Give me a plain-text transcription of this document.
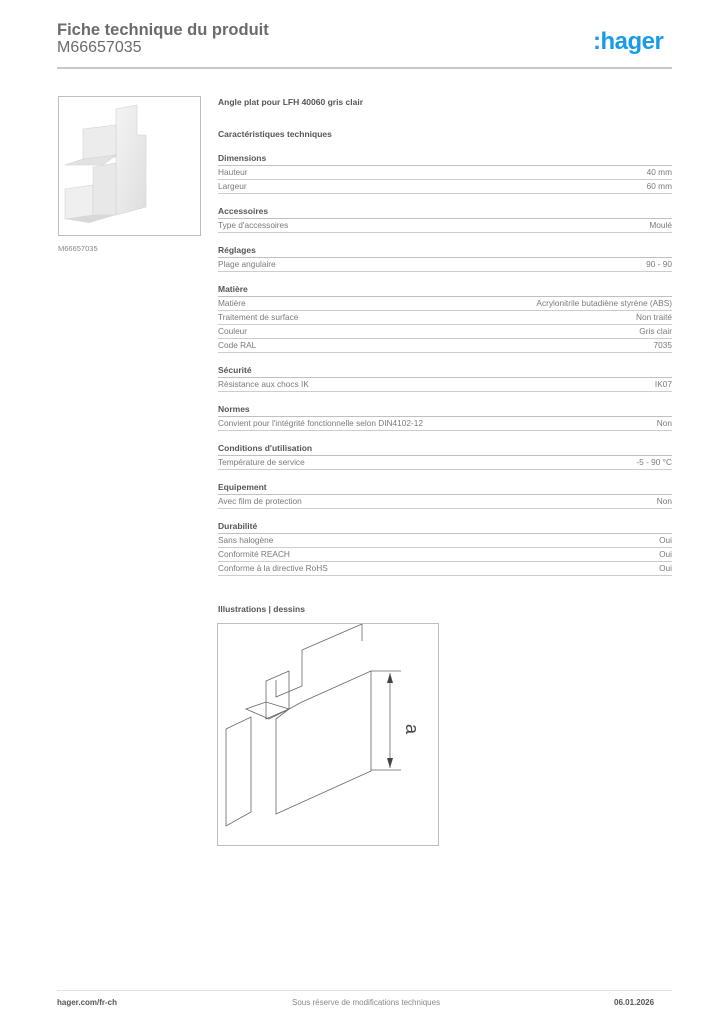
Fiche technique du produit
M66657035	:hager
M66657035
Angle plat pour LFH 40060 gris clair
Caractéristiques techniques
Dimensions
Hauteur	40 mm
Largeur	60 mm
Accessoires
Type d'accessoires	Moulé
Réglages
Plage angulaire	90 - 90
Matière
Matière	Acrylonitrile butadiène styrène (ABS)
Traitement de surface	Non traité
Couleur	Gris clair
Code RAL	7035
Sécurité
Résistance aux chocs IK	IK07
Normes
Convient pour l'intégrité fonctionnelle selon DIN4102-12	Non
Conditions d'utilisation
Température de service	-5 - 90 °C
Equipement
Avec film de protection	Non
Durabilité
Sans halogène	Oui
Conformité REACH	Oui
Conforme à la directive RoHS	Oui
Illustrations | dessins
a
hager.com/fr-ch	Sous réserve de modifications techniques	06.01.2026
